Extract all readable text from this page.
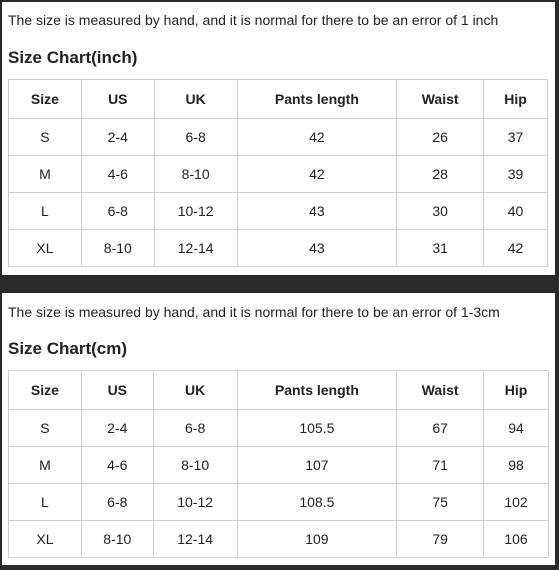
The size is measured by hand, and it is normal for there to be an error of 1 inch
Size Chart(inch)
Size	US	UK	Pants length	Waist	Hip
S	2-4	6-8	42	26	37
M	4-6	8-10	42	28	39
L	6-8	10-12	43	30	40
XL	8-10	12-14	43	31	42
The size is measured by hand, and it is normal for there to be an error of 1-3cm
Size Chart(cm)
Size	US	UK	Pants length	Waist	Hip
S	2-4	6-8	105.5	67	94
M	4-6	8-10	107	71	98
L	6-8	10-12	108.5	75	102
XL	8-10	12-14	109	79	106
